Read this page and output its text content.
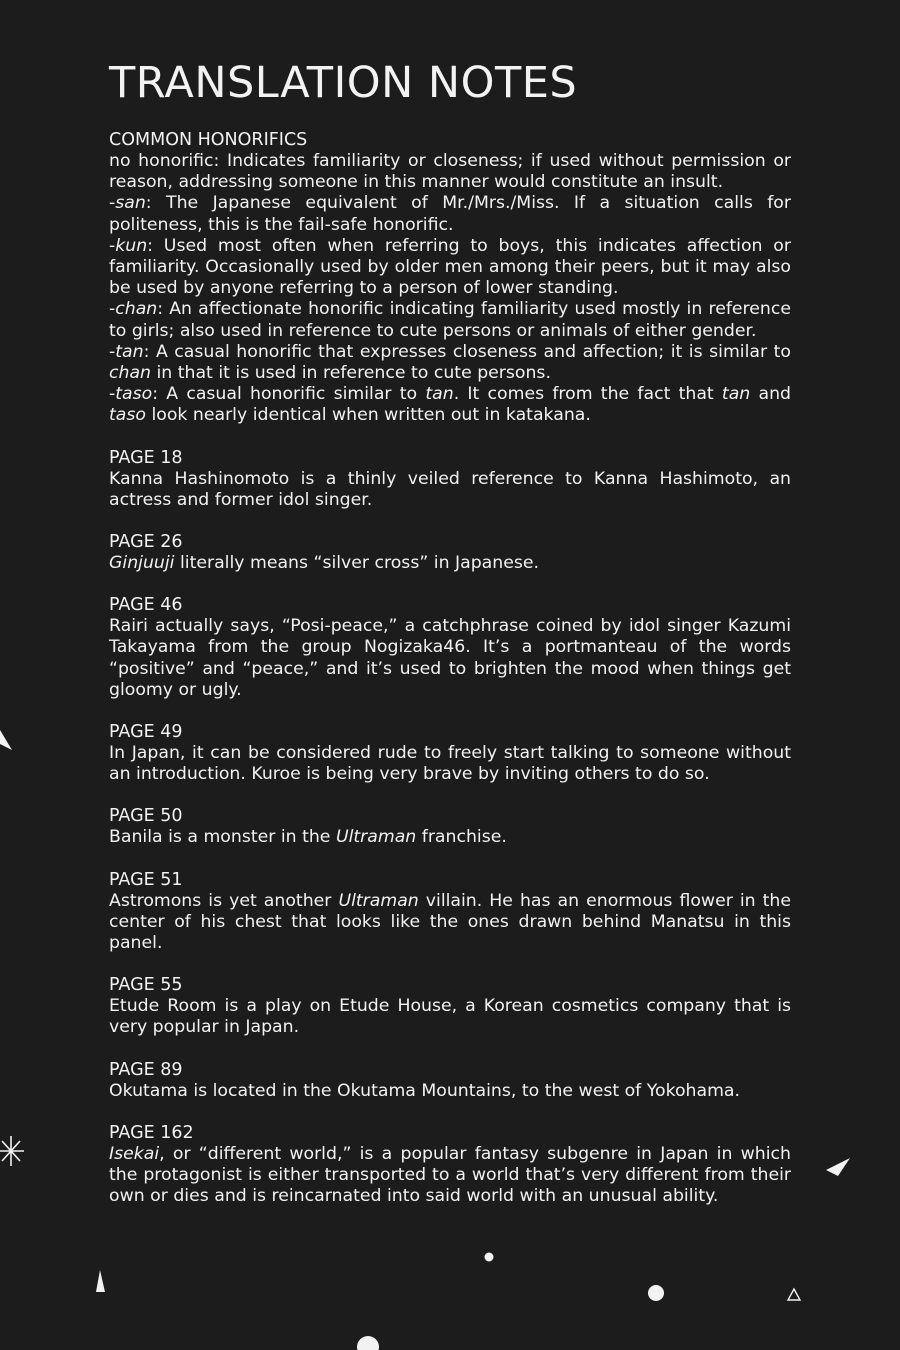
TRANSLATION NOTES
COMMON HONORIFICS

no honorific: Indicates familiarity or closeness; if used without permission or reason, addressing someone in this manner would constitute an insult.

-san: The Japanese equivalent of Mr./Mrs./Miss. If a situation calls for politeness, this is the fail-safe honorific.

-kun: Used most often when referring to boys, this indicates affection or familiarity. Occasionally used by older men among their peers, but it may also be used by anyone referring to a person of lower standing.

-chan: An affectionate honorific indicating familiarity used mostly in reference to girls; also used in reference to cute persons or animals of either gender.

-tan: A casual honorific that expresses closeness and affection; it is similar to chan in that it is used in reference to cute persons.

-taso: A casual honorific similar to tan. It comes from the fact that tan and taso look nearly identical when written out in katakana.

PAGE 18

Kanna Hashinomoto is a thinly veiled reference to Kanna Hashimoto, an actress and former idol singer.

PAGE 26

Ginjuuji literally means “silver cross” in Japanese.

PAGE 46

Rairi actually says, “Posi-peace,” a catchphrase coined by idol singer Kazumi Takayama from the group Nogizaka46. It’s a portmanteau of the words “positive” and “peace,” and it’s used to brighten the mood when things get gloomy or ugly.

PAGE 49

In Japan, it can be considered rude to freely start talking to someone without an introduction. Kuroe is being very brave by inviting others to do so.

PAGE 50

Banila is a monster in the Ultraman franchise.

PAGE 51

Astromons is yet another Ultraman villain. He has an enormous flower in the center of his chest that looks like the ones drawn behind Manatsu in this panel.

PAGE 55

Etude Room is a play on Etude House, a Korean cosmetics company that is very popular in Japan.

PAGE 89

Okutama is located in the Okutama Mountains, to the west of Yokohama.

PAGE 162

Isekai, or “different world,” is a popular fantasy subgenre in Japan in which the protagonist is either transported to a world that’s very different from their own or dies and is reincarnated into said world with an unusual ability.
